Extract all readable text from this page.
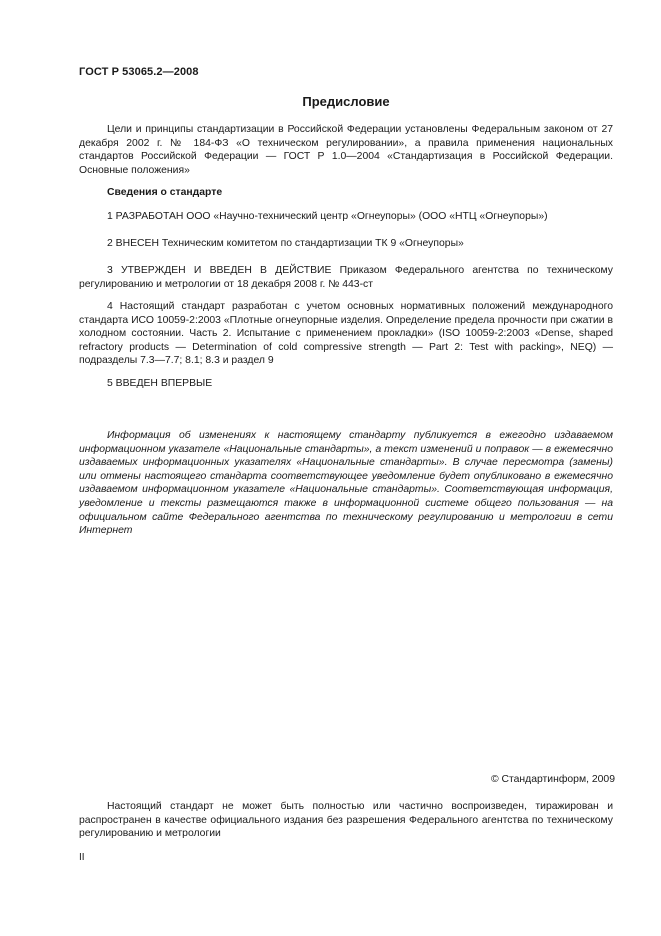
ГОСТ Р 53065.2—2008
Предисловие

Цели и принципы стандартизации в Российской Федерации установлены Федеральным законом от 27 декабря 2002 г. № 184-ФЗ «О техническом регулировании», а правила применения национальных стандартов Российской Федерации — ГОСТ Р 1.0—2004 «Стандартизация в Российской Федерации. Основные положения»

Сведения о стандарте

1 РАЗРАБОТАН ООО «Научно-технический центр «Огнеупоры» (ООО «НТЦ «Огнеупоры»)

2 ВНЕСЕН Техническим комитетом по стандартизации ТК 9 «Огнеупоры»

3 УТВЕРЖДЕН И ВВЕДЕН В ДЕЙСТВИЕ Приказом Федерального агентства по техническому регулированию и метрологии от 18 декабря 2008 г. № 443-ст

4 Настоящий стандарт разработан с учетом основных нормативных положений международного стандарта ИСО 10059-2:2003 «Плотные огнеупорные изделия. Определение предела прочности при сжатии в холодном состоянии. Часть 2. Испытание с применением прокладки» (ISO 10059-2:2003 «Dense, shaped refractory products — Determination of cold compressive strength — Part 2: Test with packing», NEQ) — подразделы 7.3—7.7; 8.1; 8.3 и раздел 9

5 ВВЕДЕН ВПЕРВЫЕ

Информация об изменениях к настоящему стандарту публикуется в ежегодно издаваемом информационном указателе «Национальные стандарты», а текст изменений и поправок — в ежемесячно издаваемых информационных указателях «Национальные стандарты». В случае пересмотра (замены) или отмены настоящего стандарта соответствующее уведомление будет опубликовано в ежемесячно издаваемом информационном указателе «Национальные стандарты». Соответствующая информация, уведомление и тексты размещаются также в информационной системе общего пользования — на официальном сайте Федерального агентства по техническому регулированию и метрологии в сети Интернет

© Стандартинформ, 2009

Настоящий стандарт не может быть полностью или частично воспроизведен, тиражирован и распространен в качестве официального издания без разрешения Федерального агентства по техническому регулированию и метрологии

II
